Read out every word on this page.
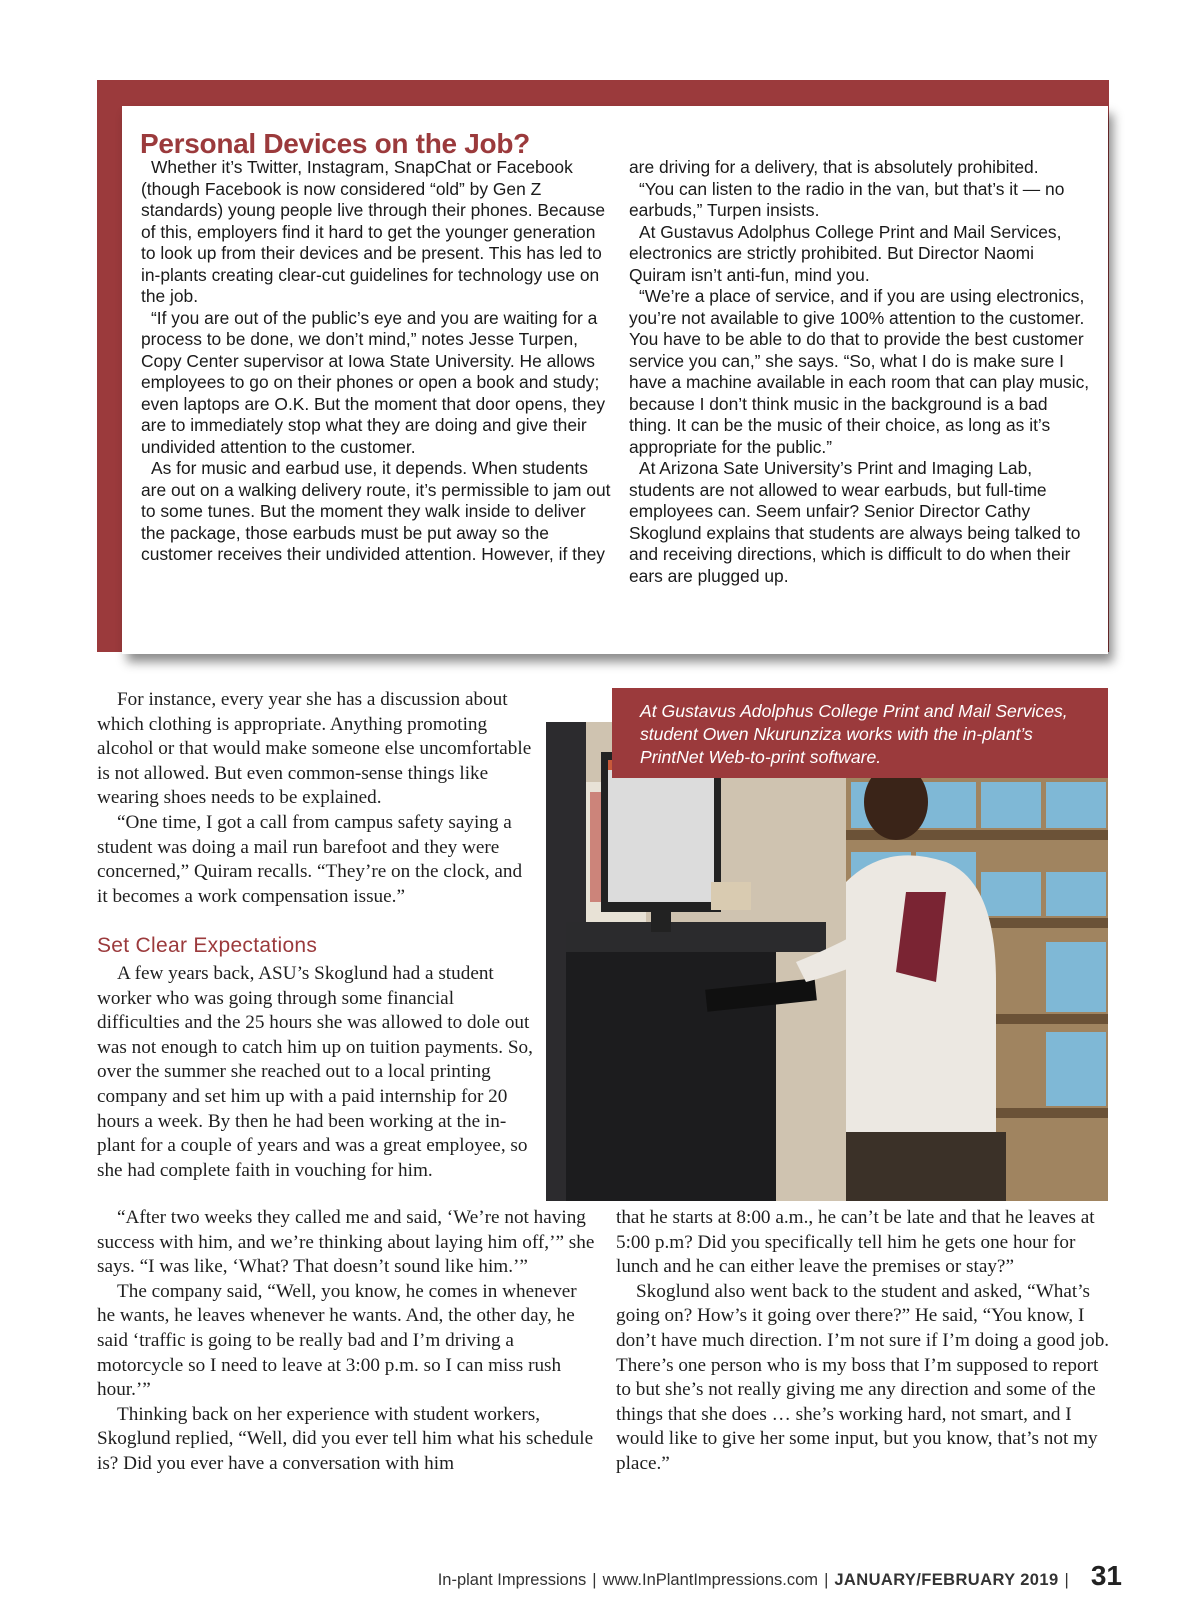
Personal Devices on the Job?

Whether it’s Twitter, Instagram, SnapChat or Facebook (though Facebook is now considered “old” by Gen Z standards) young people live through their phones. Because of this, employers find it hard to get the younger generation to look up from their devices and be present. This has led to in-plants creating clear-cut guidelines for technology use on the job.

“If you are out of the public’s eye and you are waiting for a process to be done, we don’t mind,” notes Jesse Turpen, Copy Center supervisor at Iowa State University. He allows employees to go on their phones or open a book and study; even laptops are O.K. But the moment that door opens, they are to immediately stop what they are doing and give their undivided attention to the customer.

As for music and earbud use, it depends. When students are out on a walking delivery route, it’s permissible to jam out to some tunes. But the moment they walk inside to deliver the package, those earbuds must be put away so the customer receives their undivided attention. However, if they

are driving for a delivery, that is absolutely prohibited.

“You can listen to the radio in the van, but that’s it — no earbuds,” Turpen insists.

At Gustavus Adolphus College Print and Mail Services, electronics are strictly prohibited. But Director Naomi Quiram isn’t anti-fun, mind you.

“We’re a place of service, and if you are using electronics, you’re not available to give 100% attention to the customer. You have to be able to do that to provide the best customer service you can,” she says. “So, what I do is make sure I have a machine available in each room that can play music, because I don’t think music in the background is a bad thing. It can be the music of their choice, as long as it’s appropriate for the public.”

At Arizona Sate University’s Print and Imaging Lab, students are not allowed to wear earbuds, but full-time employees can. Seem unfair? Senior Director Cathy Skoglund explains that students are always being talked to and receiving directions, which is difficult to do when their ears are plugged up.

For instance, every year she has a discussion about which clothing is appropriate. Anything promoting alcohol or that would make someone else uncomfortable is not allowed. But even common-sense things like wearing shoes needs to be explained.

“One time, I got a call from campus safety saying a student was doing a mail run barefoot and they were concerned,” Quiram recalls. “They’re on the clock, and it becomes a work compensation issue.”

Set Clear Expectations

A few years back, ASU’s Skoglund had a student worker who was going through some financial difficulties and the 25 hours she was allowed to dole out was not enough to catch him up on tuition payments. So, over the summer she reached out to a local printing company and set him up with a paid internship for 20 hours a week. By then he had been working at the in-plant for a couple of years and was a great employee, so she had complete faith in vouching for him.

“After two weeks they called me and said, ‘We’re not having success with him, and we’re thinking about laying him off,’” she says. “I was like, ‘What? That doesn’t sound like him.’”

The company said, “Well, you know, he comes in whenever he wants, he leaves whenever he wants. And, the other day, he said ‘traffic is going to be really bad and I’m driving a motorcycle so I need to leave at 3:00 p.m. so I can miss rush hour.’”

Thinking back on her experience with student workers, Skoglund replied, “Well, did you ever tell him what his schedule is? Did you ever have a conversation with him

that he starts at 8:00 a.m., he can’t be late and that he leaves at 5:00 p.m? Did you specifically tell him he gets one hour for lunch and he can either leave the premises or stay?”

Skoglund also went back to the student and asked, “What’s going on? How’s it going over there?” He said, “You know, I don’t have much direction. I’m not sure if I’m doing a good job. There’s one person who is my boss that I’m supposed to report to but she’s not really giving me any direction and some of the things that she does … she’s working hard, not smart, and I would like to give her some input, but you know, that’s not my place.”

At Gustavus Adolphus College Print and Mail Services, student Owen Nkurunziza works with the in-plant’s PrintNet Web-to-print software.

In-plant Impressions | www.InPlantImpressions.com | JANUARY/FEBRUARY 2019 | 31
